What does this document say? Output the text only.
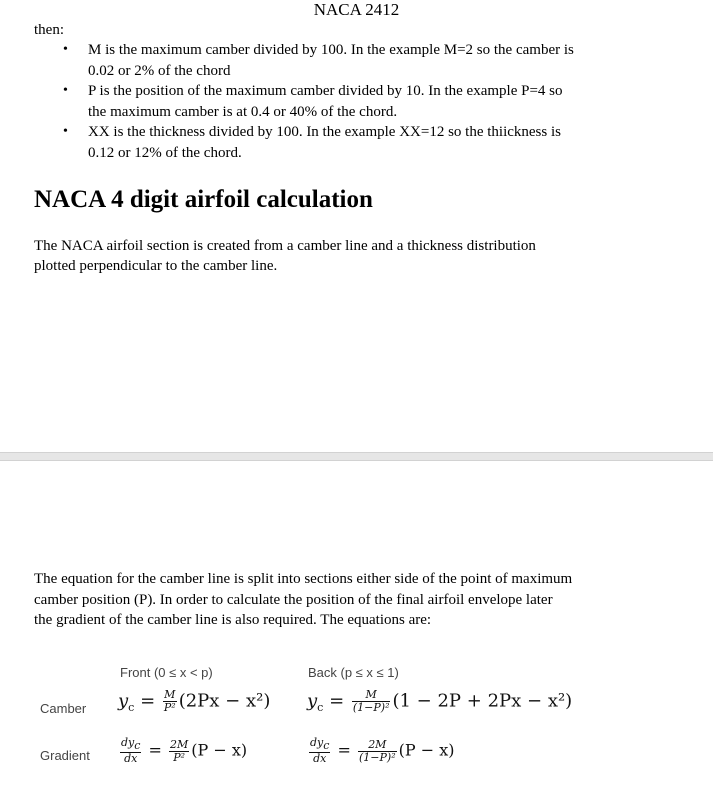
NACA 2412
then:
• M is the maximum camber divided by 100. In the example M=2 so the camber is
0.02 or 2% of the chord
• P is the position of the maximum camber divided by 10. In the example P=4 so
the maximum camber is at 0.4 or 40% of the chord.
• XX is the thickness divided by 100. In the example XX=12 so the thiickness is
0.12 or 12% of the chord.
NACA 4 digit airfoil calculation
The NACA airfoil section is created from a camber line and a thickness distribution
plotted perpendicular to the camber line.
The equation for the camber line is split into sections either side of the point of maximum
camber position (P). In order to calculate the position of the final airfoil envelope later
the gradient of the camber line is also required. The equations are:
Front (0 ≤ x < p)	Back (p ≤ x ≤ 1)
Camber
Gradient
$y_c = \frac{M}{\text{P²}} (2Px - x^2) y_c = \frac{M}{\text{(1−P)²}} (1 - 2P + 2Px - x^2)$
$\frac{dy_c}{dx} = \frac{2M}{\text{P²}} (P - x)$	$\frac{dy_c}{dx} = \frac{2M}{\text{(1−P)²}} (P - x)$
